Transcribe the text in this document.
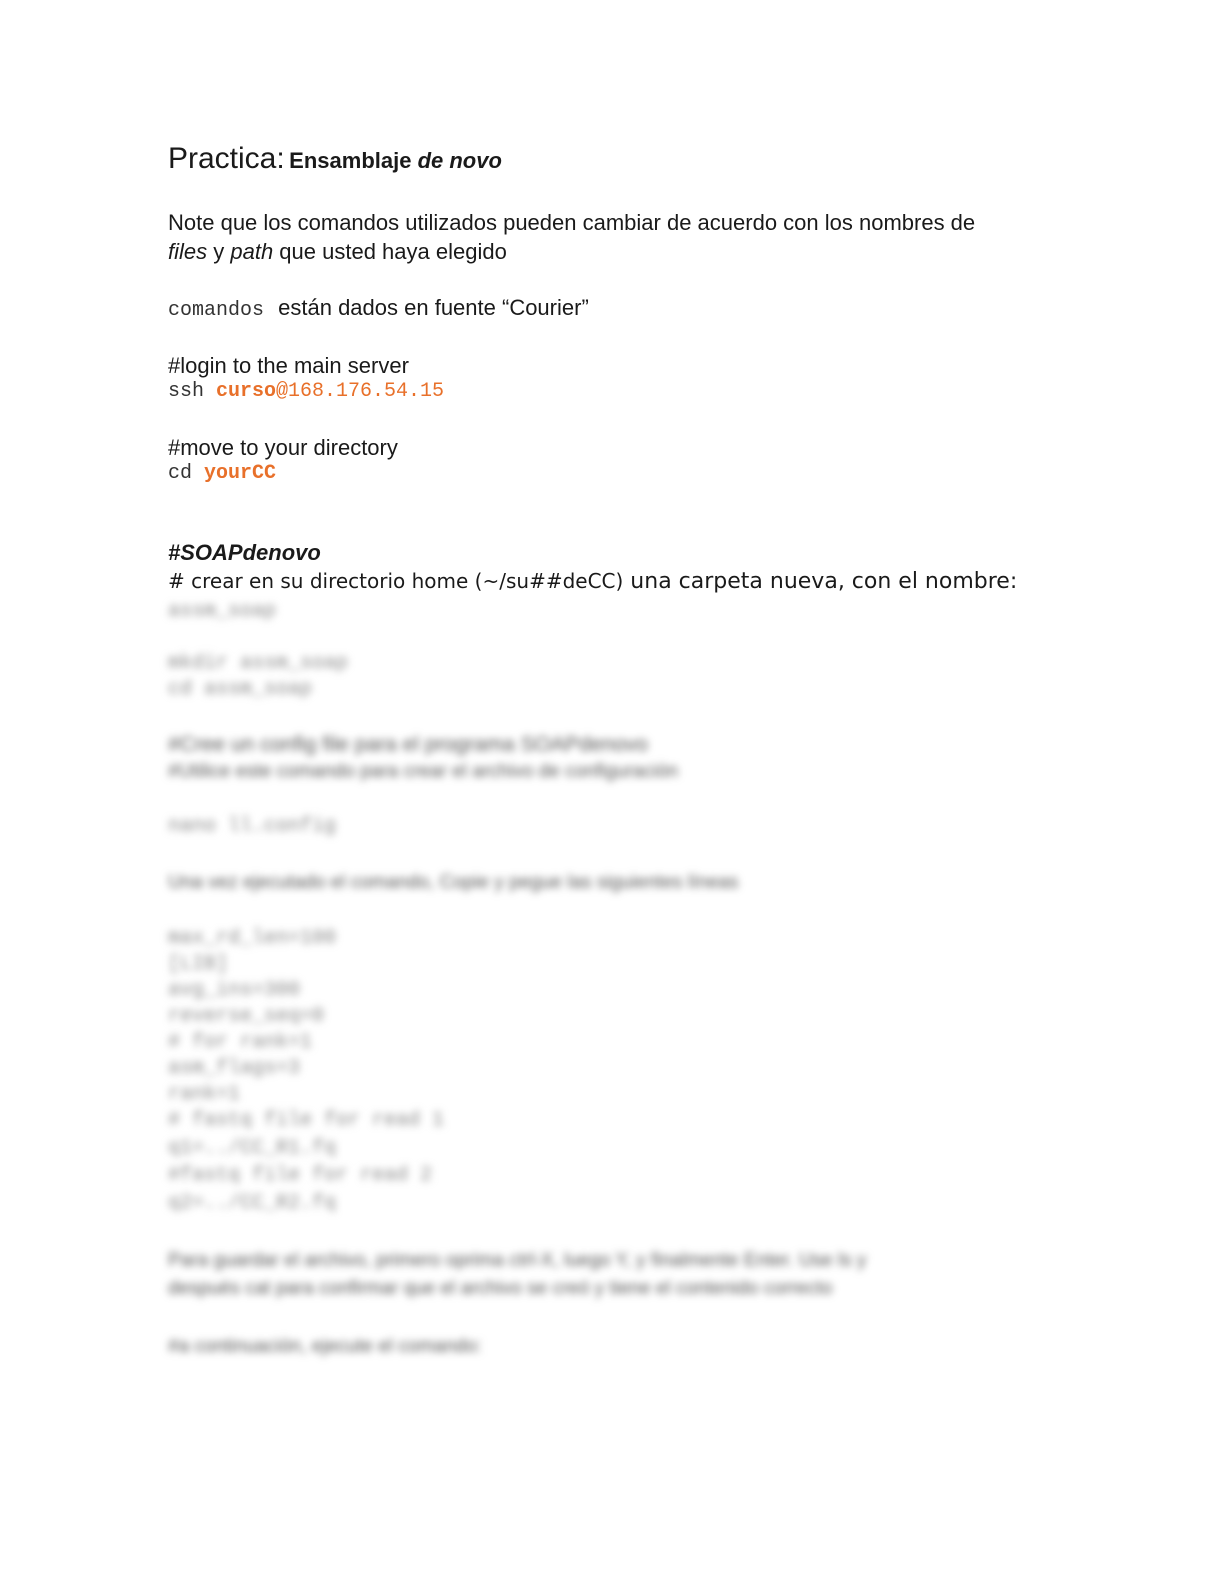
Practica: Ensamblaje de novo
Note que los comandos utilizados pueden cambiar de acuerdo con los nombres de
files y path que usted haya elegido
comandos están dados en fuente “Courier”
#login to the main server
ssh curso@168.176.54.15
#move to your directory
cd yourCC
#SOAPdenovo
# crear en su directorio home (~/su##deCC) una carpeta nueva, con el nombre:
assm_soap
mkdir assm_soap
cd assm_soap
#Cree un config file para el programa SOAPdenovo
#Utilice este comando para crear el archivo de configuración
nano ll.config
Una vez ejecutado el comando, Copie y pegue las siguientes líneas
max_rd_len=100
[LIB]
avg_ins=300
reverse_seq=0
# for rank=1
asm_flags=3
rank=1
# fastq file for read 1
q1=../CC_R1.fq
#fastq file for read 2
q2=../CC_R2.fq
Para guardar el archivo, primero oprima ctrl-X, luego Y, y finalmente Enter. Use ls y
después cat para confirmar que el archivo se creó y tiene el contenido correcto
#a continuación, ejecute el comando:
